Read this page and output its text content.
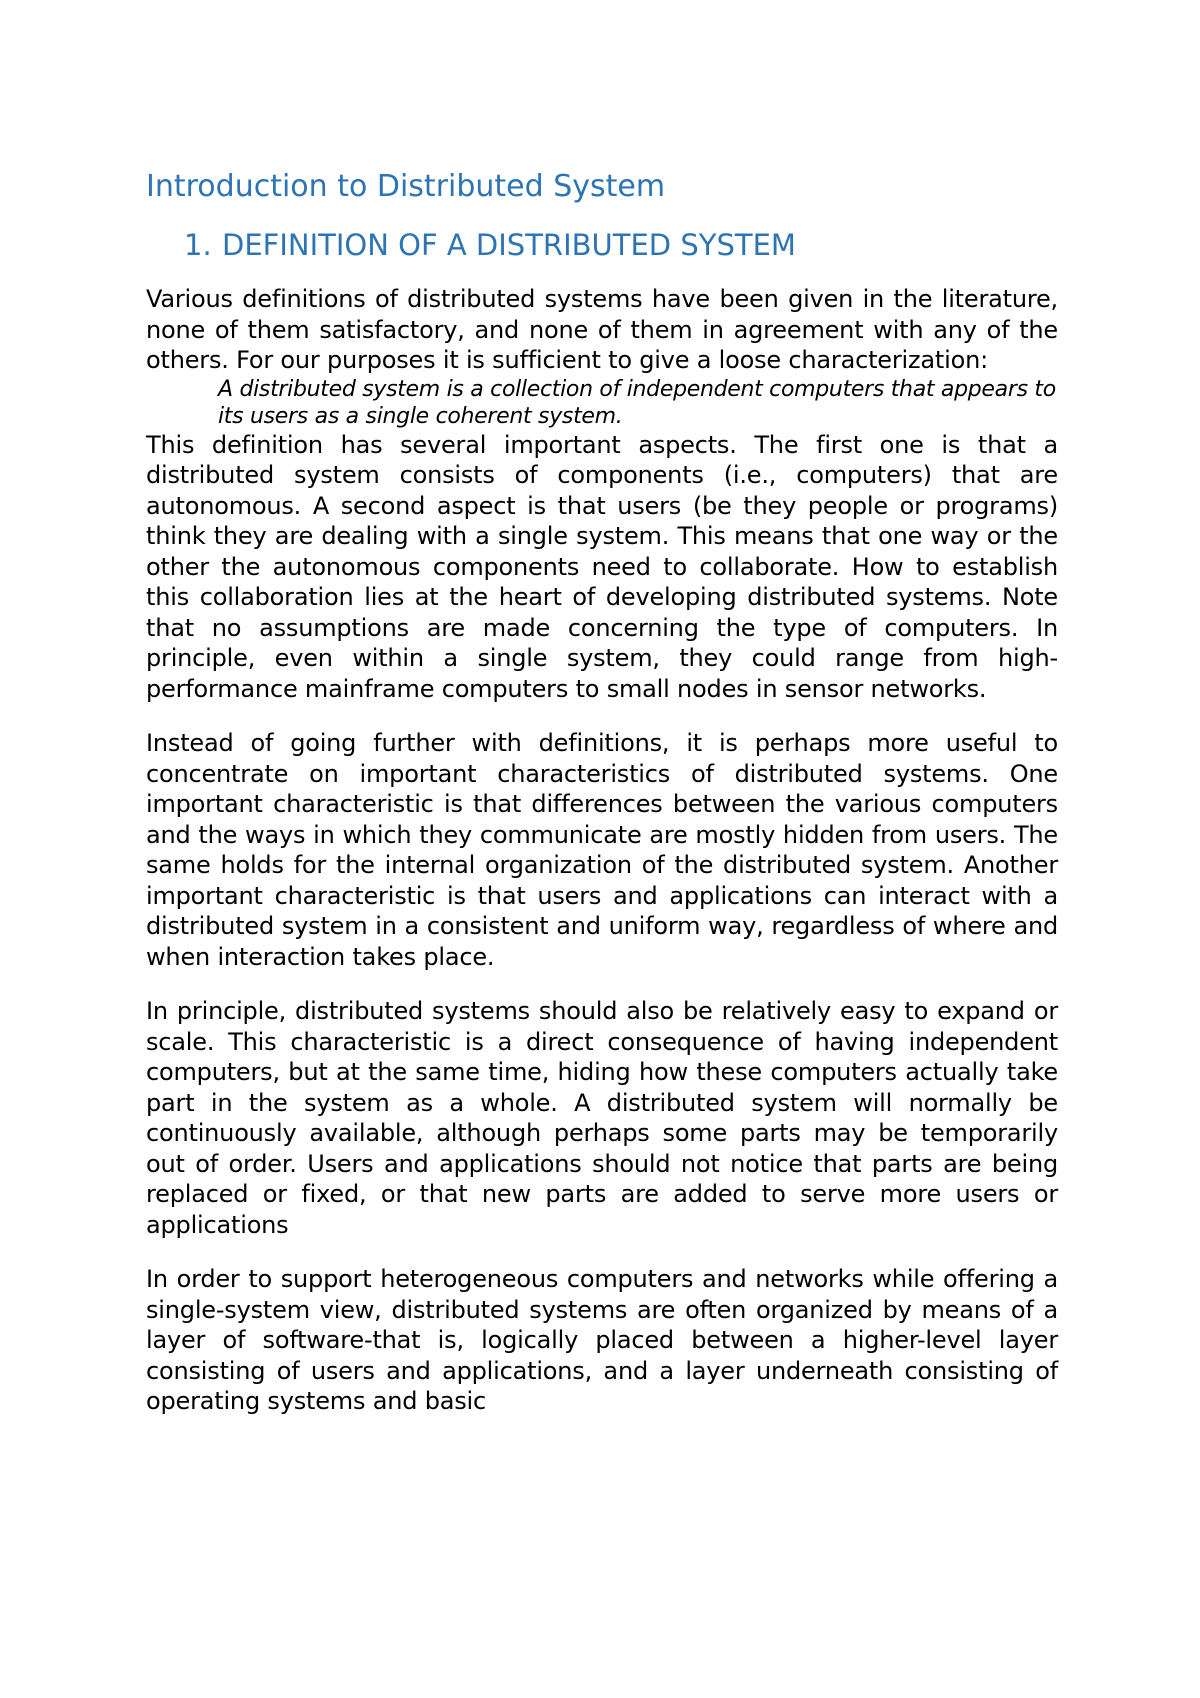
Introduction to Distributed System
1. DEFINITION OF A DISTRIBUTED SYSTEM

Various definitions of distributed systems have been given in the literature, none of them satisfactory, and none of them in agreement with any of the others. For our purposes it is sufficient to give a loose characterization:

A distributed system is a collection of independent computers that appears to its users as a single coherent system.

This definition has several important aspects. The first one is that a distributed system consists of components (i.e., computers) that are autonomous. A second aspect is that users (be they people or programs) think they are dealing with a single system. This means that one way or the other the autonomous components need to collaborate. How to establish this collaboration lies at the heart of developing distributed systems. Note that no assumptions are made concerning the type of computers. In principle, even within a single system, they could range from high-performance mainframe computers to small nodes in sensor networks.

Instead of going further with definitions, it is perhaps more useful to concentrate on important characteristics of distributed systems. One important characteristic is that differences between the various computers and the ways in which they communicate are mostly hidden from users. The same holds for the internal organization of the distributed system. Another important characteristic is that users and applications can interact with a distributed system in a consistent and uniform way, regardless of where and when interaction takes place.

In principle, distributed systems should also be relatively easy to expand or scale. This characteristic is a direct consequence of having independent computers, but at the same time, hiding how these computers actually take part in the system as a whole. A distributed system will normally be continuously available, although perhaps some parts may be temporarily out of order. Users and applications should not notice that parts are being replaced or fixed, or that new parts are added to serve more users or applications

In order to support heterogeneous computers and networks while offering a single-system view, distributed systems are often organized by means of a layer of software-that is, logically placed between a higher-level layer consisting of users and applications, and a layer underneath consisting of operating systems and basic
